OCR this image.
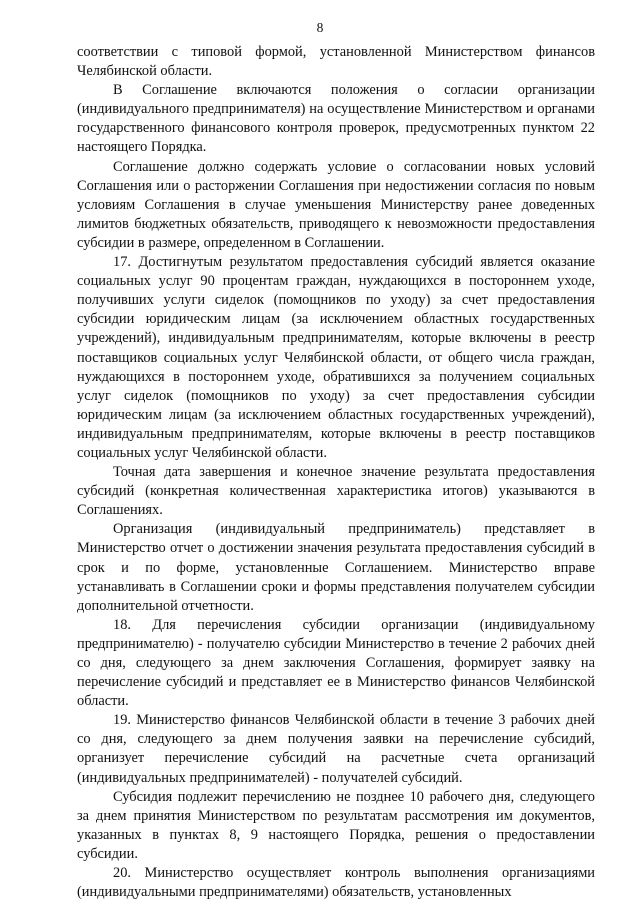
8

соответствии с типовой формой, установленной Министерством финансов Челябинской области.

В Соглашение включаются положения о согласии организации (индивидуального предпринимателя) на осуществление Министерством и органами государственного финансового контроля проверок, предусмотренных пунктом 22 настоящего Порядка.

Соглашение должно содержать условие о согласовании новых условий Соглашения или о расторжении Соглашения при недостижении согласия по новым условиям Соглашения в случае уменьшения Министерству ранее доведенных лимитов бюджетных обязательств, приводящего к невозможности предоставления субсидии в размере, определенном в Соглашении.

17. Достигнутым результатом предоставления субсидий является оказание социальных услуг 90 процентам граждан, нуждающихся в постороннем уходе, получивших услуги сиделок (помощников по уходу) за счет предоставления субсидии юридическим лицам (за исключением областных государственных учреждений), индивидуальным предпринимателям, которые включены в реестр поставщиков социальных услуг Челябинской области, от общего числа граждан, нуждающихся в постороннем уходе, обратившихся за получением социальных услуг сиделок (помощников по уходу) за счет предоставления субсидии юридическим лицам (за исключением областных государственных учреждений), индивидуальным предпринимателям, которые включены в реестр поставщиков социальных услуг Челябинской области.

Точная дата завершения и конечное значение результата предоставления субсидий (конкретная количественная характеристика итогов) указываются в Соглашениях.

Организация (индивидуальный предприниматель) представляет в Министерство отчет о достижении значения результата предоставления субсидий в срок и по форме, установленные Соглашением. Министерство вправе устанавливать в Соглашении сроки и формы представления получателем субсидии дополнительной отчетности.

18. Для перечисления субсидии организации (индивидуальному предпринимателю) - получателю субсидии Министерство в течение 2 рабочих дней со дня, следующего за днем заключения Соглашения, формирует заявку на перечисление субсидий и представляет ее в Министерство финансов Челябинской области.

19. Министерство финансов Челябинской области в течение 3 рабочих дней со дня, следующего за днем получения заявки на перечисление субсидий, организует перечисление субсидий на расчетные счета организаций (индивидуальных предпринимателей) - получателей субсидий.

Субсидия подлежит перечислению не позднее 10 рабочего дня, следующего за днем принятия Министерством по результатам рассмотрения им документов, указанных в пунктах 8, 9 настоящего Порядка, решения о предоставлении субсидии.

20. Министерство осуществляет контроль выполнения организациями (индивидуальными предпринимателями) обязательств, установленных
